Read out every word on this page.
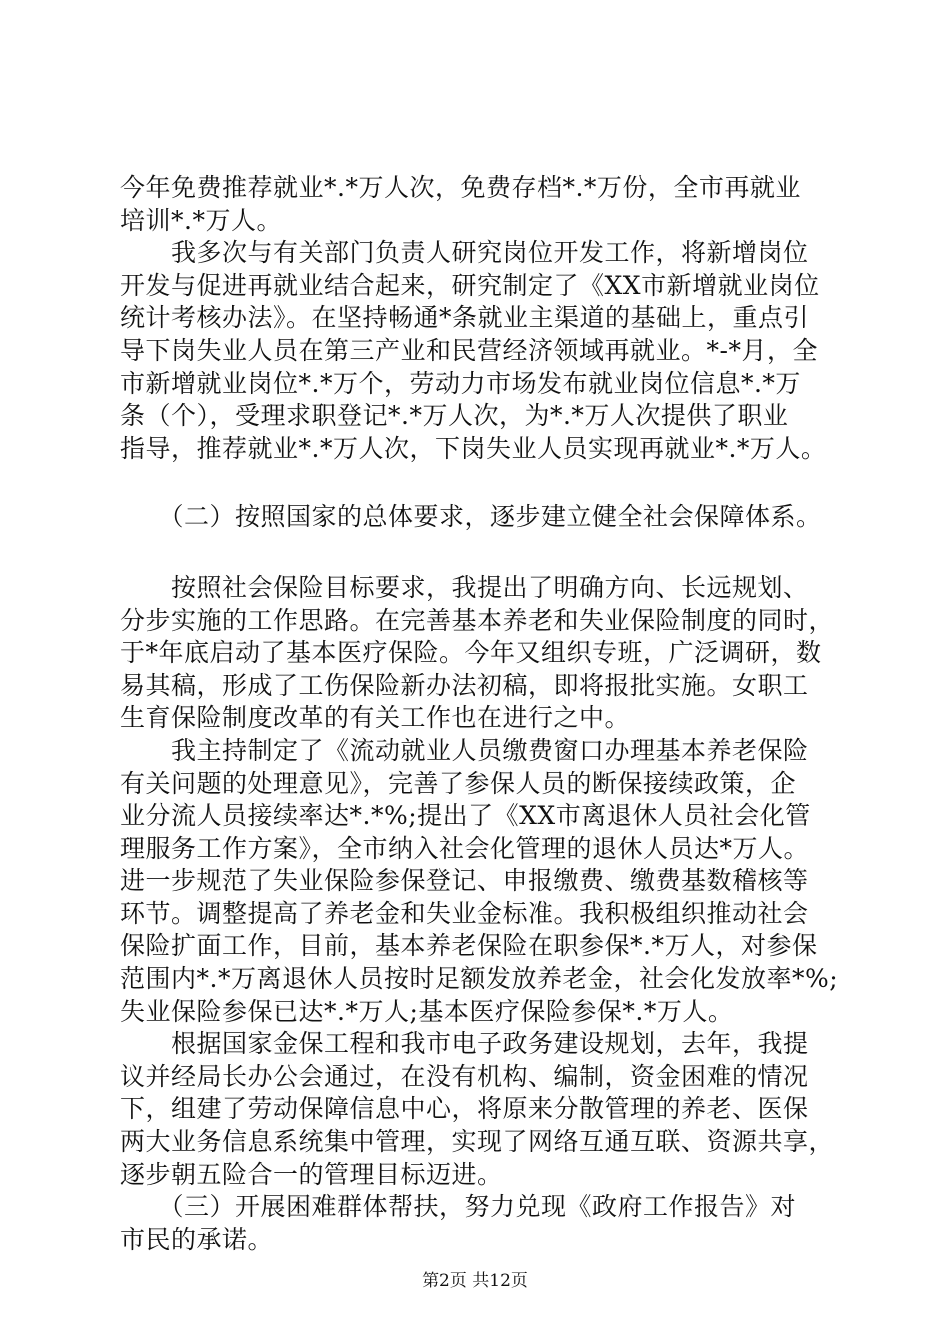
今年免费推荐就业*.*万人次，免费存档*.*万份，全市再就业
培训*.*万人。
　　我多次与有关部门负责人研究岗位开发工作，将新增岗位
开发与促进再就业结合起来，研究制定了《XX市新增就业岗位
统计考核办法》。在坚持畅通*条就业主渠道的基础上，重点引
导下岗失业人员在第三产业和民营经济领域再就业。*-*月，全
市新增就业岗位*.*万个，劳动力市场发布就业岗位信息*.*万
条（个），受理求职登记*.*万人次，为*.*万人次提供了职业
指导，推荐就业*.*万人次，下岗失业人员实现再就业*.*万人。
　　（二）按照国家的总体要求，逐步建立健全社会保障体系。
　　按照社会保险目标要求，我提出了明确方向、长远规划、
分步实施的工作思路。在完善基本养老和失业保险制度的同时，
于*年底启动了基本医疗保险。今年又组织专班，广泛调研，数
易其稿，形成了工伤保险新办法初稿，即将报批实施。女职工
生育保险制度改革的有关工作也在进行之中。
　　我主持制定了《流动就业人员缴费窗口办理基本养老保险
有关问题的处理意见》，完善了参保人员的断保接续政策，企
业分流人员接续率达*.*%;提出了《XX市离退休人员社会化管
理服务工作方案》，全市纳入社会化管理的退休人员达*万人。
进一步规范了失业保险参保登记、申报缴费、缴费基数稽核等
环节。调整提高了养老金和失业金标准。我积极组织推动社会
保险扩面工作，目前，基本养老保险在职参保*.*万人，对参保
范围内*.*万离退休人员按时足额发放养老金，社会化发放率*%;
失业保险参保已达*.*万人;基本医疗保险参保*.*万人。
　　根据国家金保工程和我市电子政务建设规划，去年，我提
议并经局长办公会通过，在没有机构、编制，资金困难的情况
下，组建了劳动保障信息中心，将原来分散管理的养老、医保
两大业务信息系统集中管理，实现了网络互通互联、资源共享，
逐步朝五险合一的管理目标迈进。
　　（三）开展困难群体帮扶，努力兑现《政府工作报告》对
市民的承诺。
第2页 共12页
